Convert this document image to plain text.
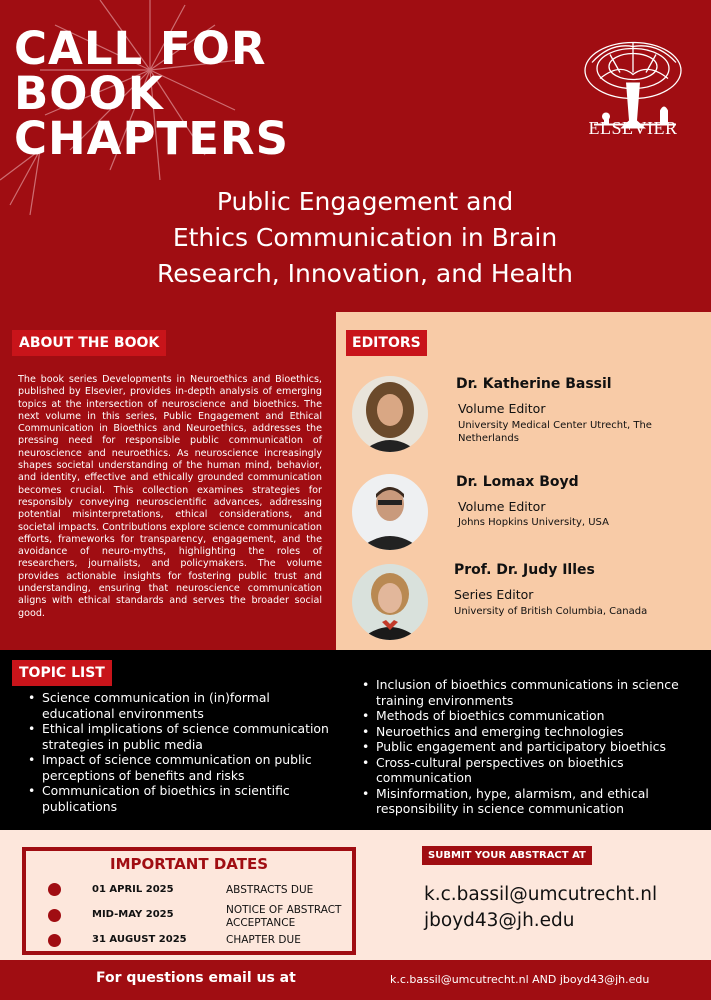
CALL FOR
BOOK
CHAPTERS	ELSEVIER
Public Engagement and
Ethics Communication in Brain
Research, Innovation, and Health
ABOUT THE BOOK

The book series Developments in Neuroethics and Bioethics, published by Elsevier, provides in-depth analysis of emerging topics at the intersection of neuroscience and bioethics. The next volume in this series, Public Engagement and Ethical Communication in Bioethics and Neuroethics, addresses the pressing need for responsible public communication of neuroscience and neuroethics. As neuroscience increasingly shapes societal understanding of the human mind, behavior, and identity, effective and ethically grounded communication becomes crucial. This collection examines strategies for responsibly conveying neuroscientific advances, addressing potential misinterpretations, ethical considerations, and societal impacts. Contributions explore science communication efforts, frameworks for transparency, engagement, and the avoidance of neuro-myths, highlighting the roles of researchers, journalists, and policymakers. The volume provides actionable insights for fostering public trust and understanding, ensuring that neuroscience communication aligns with ethical standards and serves the broader social good.

EDITORS
Dr. Katherine Bassil
Volume Editor
University Medical Center Utrecht, The Netherlands
Dr. Lomax Boyd
Volume Editor
Johns Hopkins University, USA
Prof. Dr. Judy Illes
Series Editor
University of British Columbia, Canada
TOPIC LIST
• Science communication in (in)formal educational environments
• Ethical implications of science communication strategies in public media
• Impact of science communication on public perceptions of benefits and risks
• Communication of bioethics in scientific publications
• Inclusion of bioethics communications in science training environments
• Methods of bioethics communication
• Neuroethics and emerging technologies
• Public engagement and participatory bioethics
• Cross-cultural perspectives on bioethics communication
• Misinformation, hype, alarmism, and ethical responsibility in science communication
IMPORTANT DATES
01 APRIL 2025	ABSTRACTS DUE
MID-MAY 2025	NOTICE OF ABSTRACT ACCEPTANCE
31 AUGUST 2025	CHAPTER DUE
SUBMIT YOUR ABSTRACT AT
k.c.bassil@umcutrecht.nl
jboyd43@jh.edu
For questions email us at	k.c.bassil@umcutrecht.nl AND jboyd43@jh.edu
